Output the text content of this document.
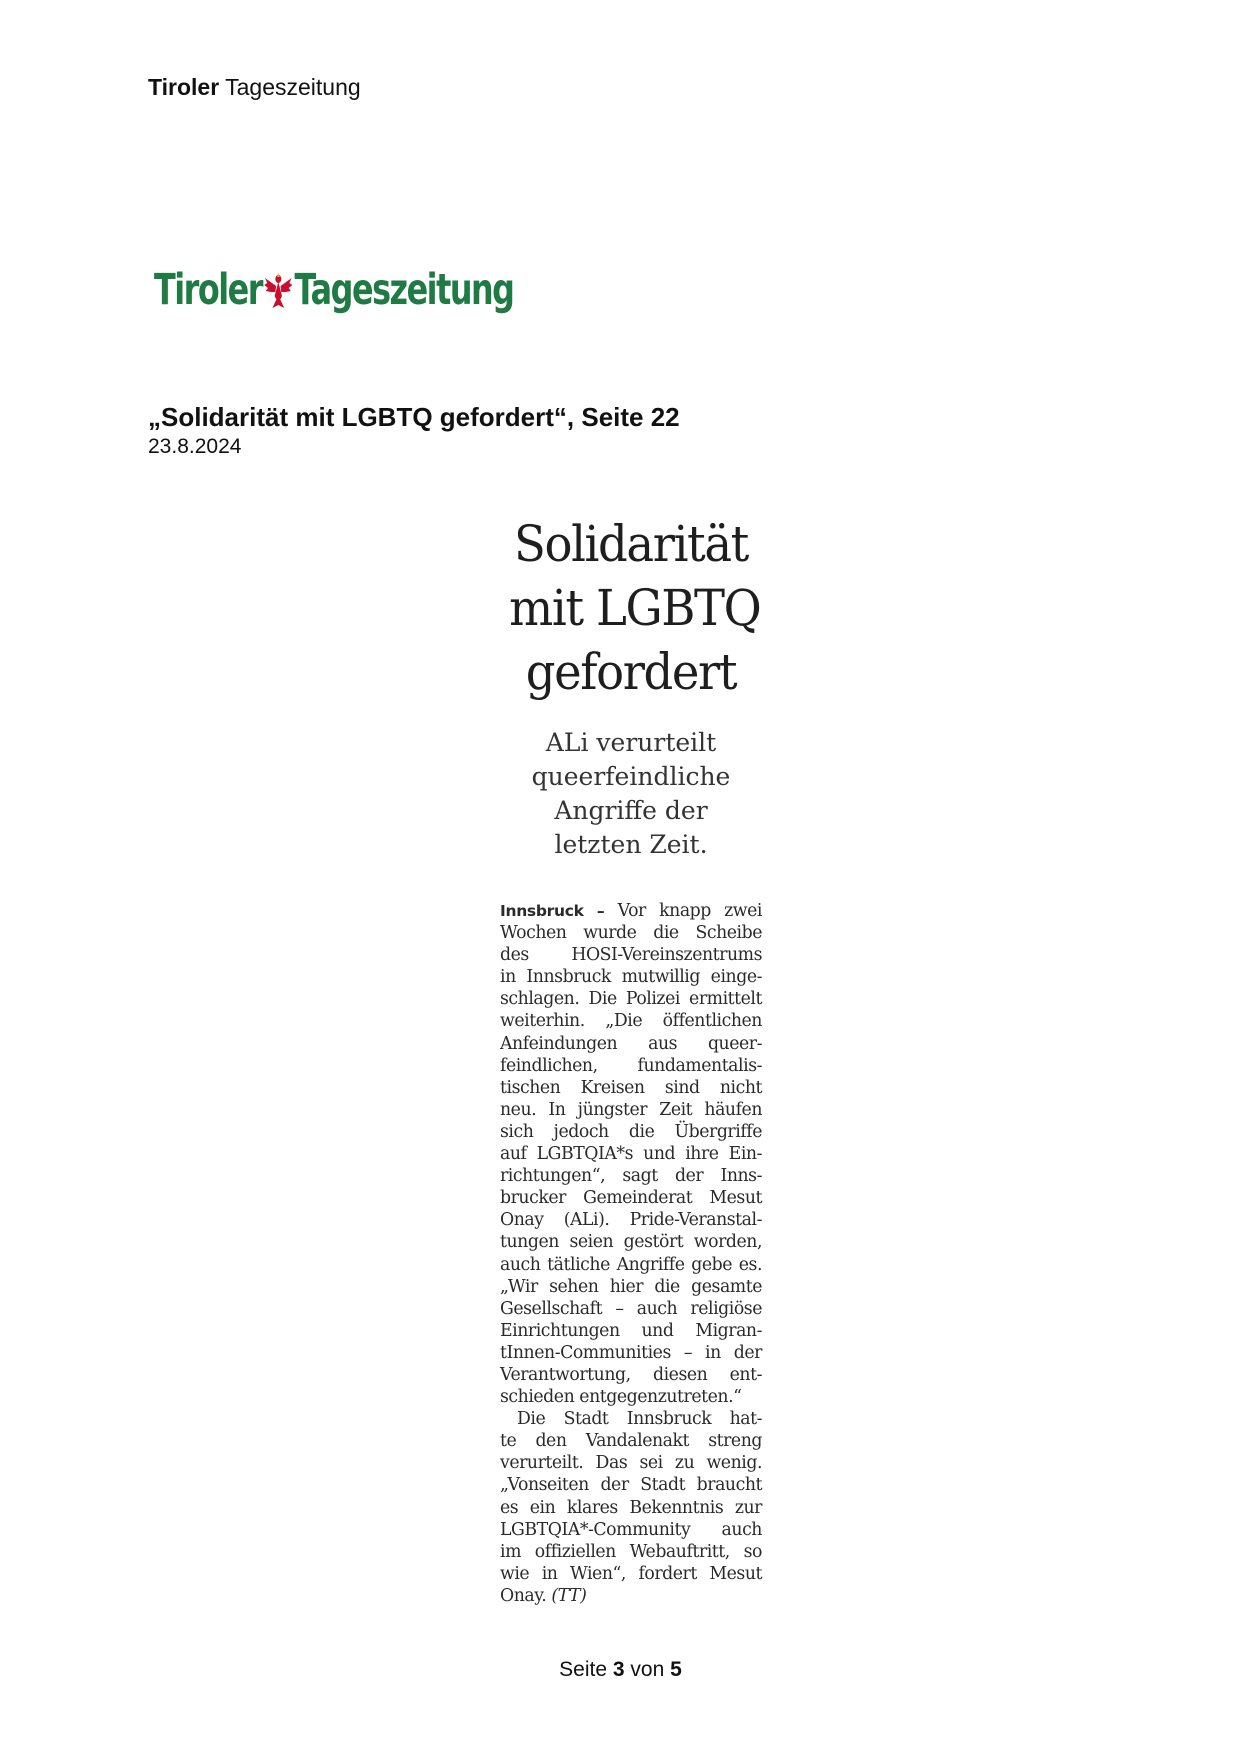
Tiroler Tageszeitung
Tiroler Tageszeitung
„Solidarität mit LGBTQ gefordert“, Seite 22
23.8.2024
Solidarität
mit LGBTQ
gefordert
ALi verurteilt
queerfeindliche
Angriffe der
letzten Zeit.
Innsbruck – Vor knapp zwei
Wochen wurde die Scheibe
des HOSI-Vereinszentrums
in Innsbruck mutwillig einge-
schlagen. Die Polizei ermittelt
weiterhin. „Die öffentlichen
Anfeindungen aus queer-
feindlichen, fundamentalis-
tischen Kreisen sind nicht
neu. In jüngster Zeit häufen
sich jedoch die Übergriffe
auf LGBTQIA*s und ihre Ein-
richtungen“, sagt der Inns-
brucker Gemeinderat Mesut
Onay (ALi). Pride-Veranstal-
tungen seien gestört worden,
auch tätliche Angriffe gebe es.
„Wir sehen hier die gesamte
Gesellschaft – auch religiöse
Einrichtungen und Migran-
tInnen-Communities – in der
Verantwortung, diesen ent-
schieden entgegenzutreten.“
Die Stadt Innsbruck hat-
te den Vandalenakt streng
verurteilt. Das sei zu wenig.
„Vonseiten der Stadt braucht
es ein klares Bekenntnis zur
LGBTQIA*-Community auch
im offiziellen Webauftritt, so
wie in Wien“, fordert Mesut
Onay. (TT)
Seite 3 von 5
